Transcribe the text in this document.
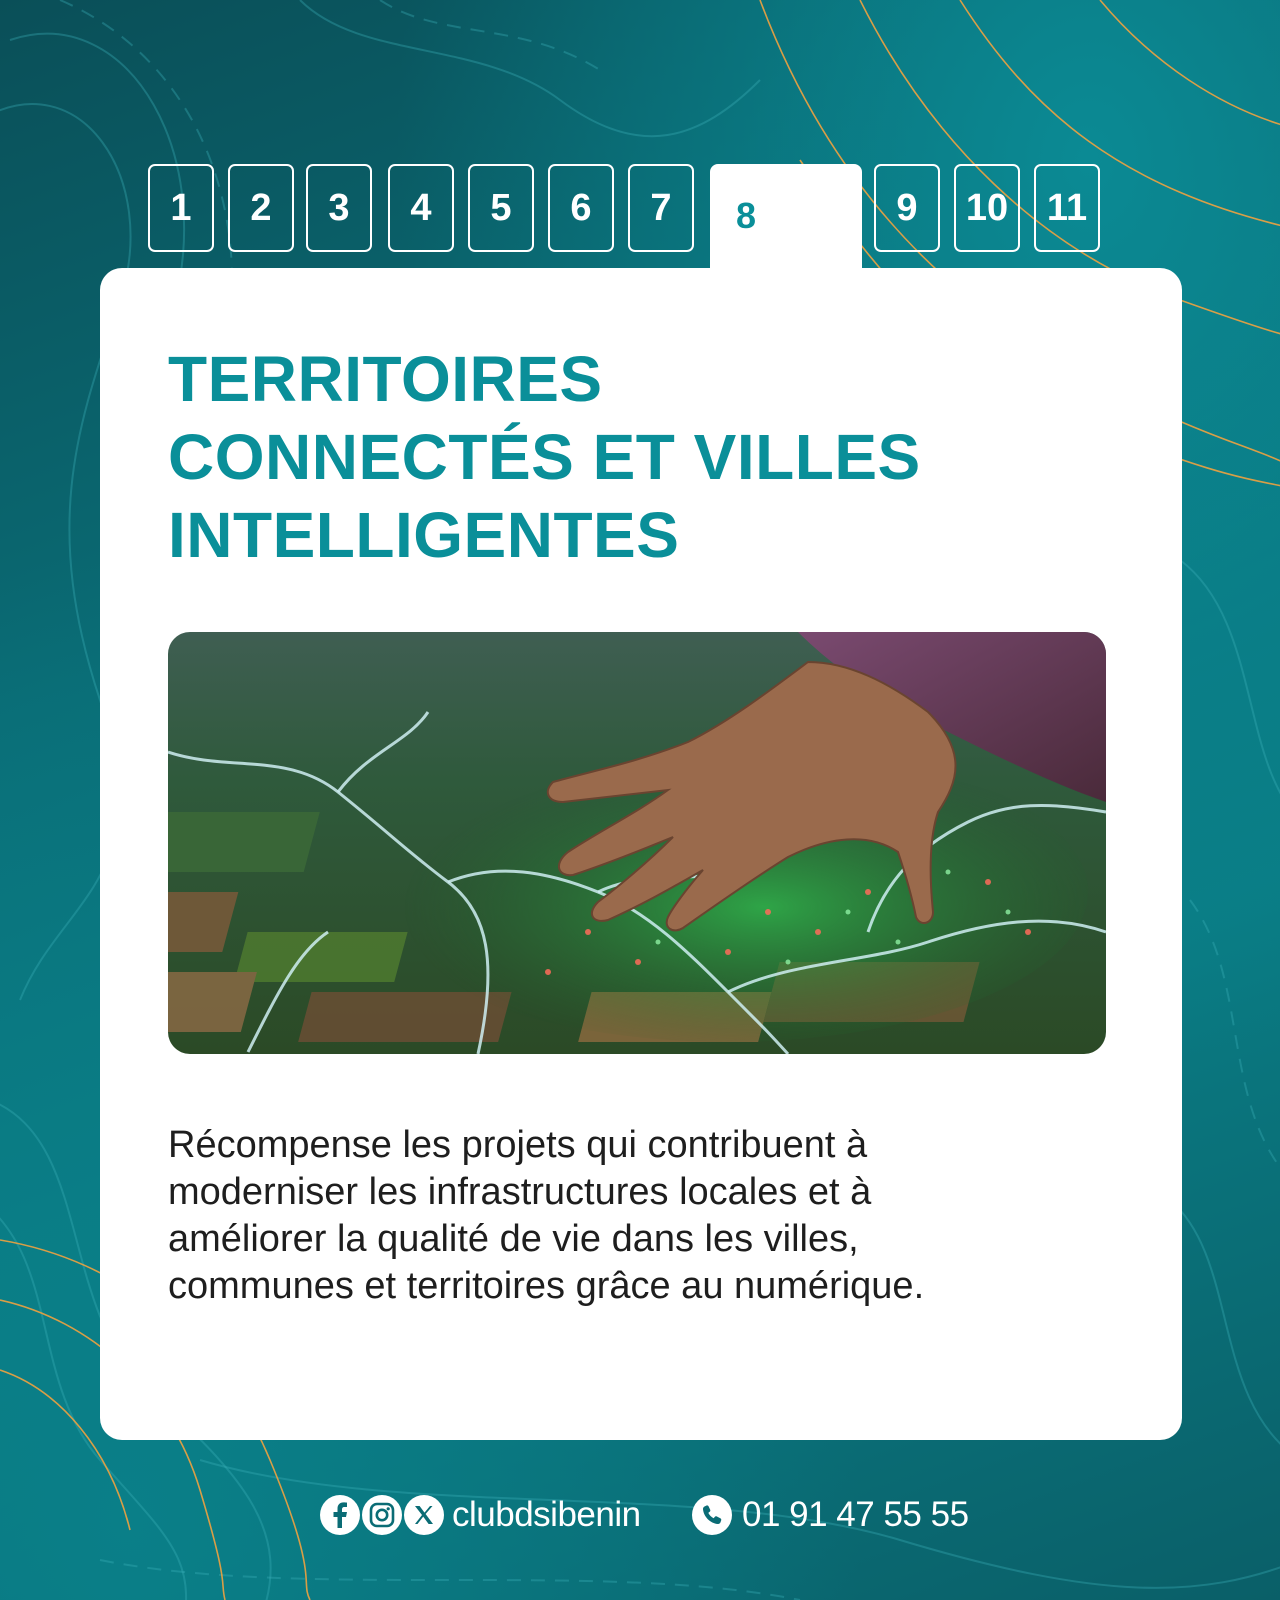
1	2	3	4	5	6	7	8	9	10	11
TERRITOIRES
CONNECTÉS ET VILLES
INTELLIGENTES

Récompense les projets qui contribuent à
moderniser les infrastructures locales et à
améliorer la qualité de vie dans les villes,
communes et territoires grâce au numérique.

clubdsibenin	01 91 47 55 55
